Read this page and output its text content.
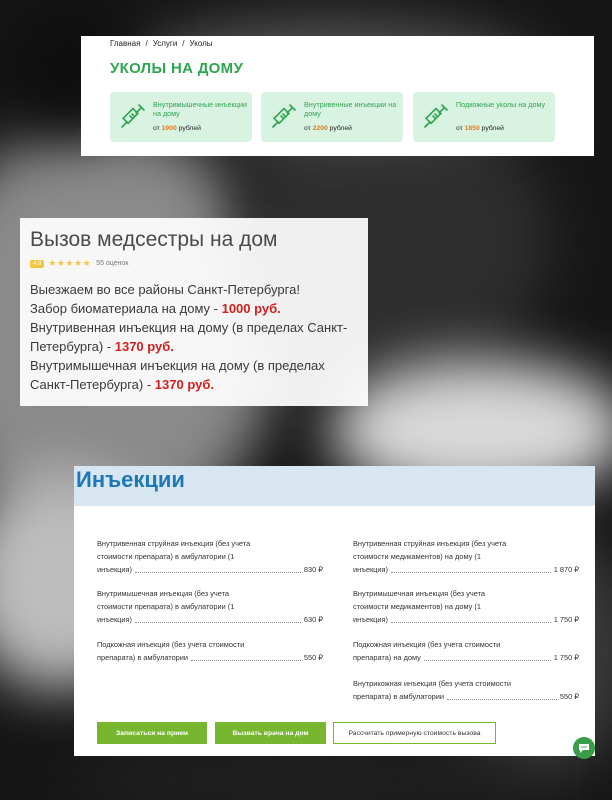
Главная / Услуги / Уколы
УКОЛЫ НА ДОМУ
Внутримышечные инъекции на дому
от 1900 рублей
Внутривенные инъекции на дому
от 2200 рублей
Подкожные уколы на дому
от 1850 рублей
Вызов медсестры на дом
4.8 ★★★★★ 55 оценок
Выезжаем во все районы Санкт-Петербурга!
Забор биоматериала на дому - 1000 руб.
Внутривенная инъекция на дому (в пределах Санкт-Петербурга) - 1370 руб.
Внутримышечная инъекция на дому (в пределах Санкт-Петербурга) - 1370 руб.
Инъекции
Внутривенная струйная инъекция (без учета
стоимости препарата) в амбулатории (1
инъекция)	830 ₽
Внутримышечная инъекция (без учета
стоимости препарата) в амбулатории (1
инъекция)	630 ₽
Подкожная инъекция (без учета стоимости
препарата) в амбулатории	550 ₽
Внутривенная струйная инъекция (без учета
стоимости медикаментов) на дому (1
инъекция)	1 870 ₽
Внутримышечная инъекция (без учета
стоимости медикаментов) на дому (1
инъекция)	1 750 ₽
Подкожная инъекция (без учета стоимости
препарата) на дому	1 750 ₽
Внутрикожная инъекция (без учета стоимости
препарата) в амбулатории	550 ₽
Записаться на прием	Вызвать врача на дом	Рассчитать примерную стоимость вызова
